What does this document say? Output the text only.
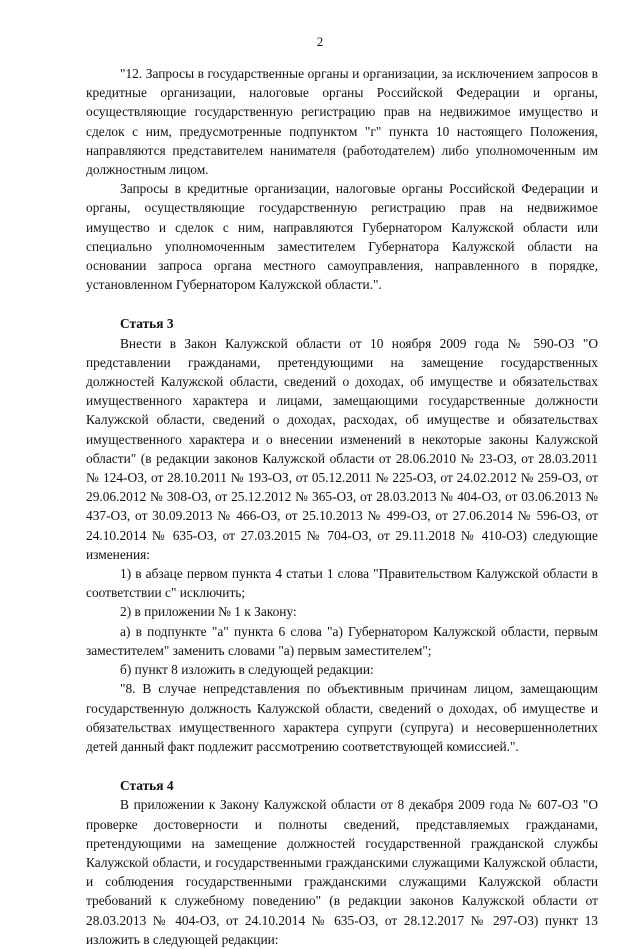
2

"12. Запросы в государственные органы и организации, за исключением запросов в кредитные организации, налоговые органы Российской Федерации и органы, осуществляющие государственную регистрацию прав на недвижимое имущество и сделок с ним, предусмотренные подпунктом "г" пункта 10 настоящего Положения, направляются представителем нанимателя (работодателем) либо уполномоченным им должностным лицом.

Запросы в кредитные организации, налоговые органы Российской Федерации и органы, осуществляющие государственную регистрацию прав на недвижимое имущество и сделок с ним, направляются Губернатором Калужской области или специально уполномоченным заместителем Губернатора Калужской области на основании запроса органа местного самоуправления, направленного в порядке, установленном Губернатором Калужской области.".

Статья 3

Внести в Закон Калужской области от 10 ноября 2009 года № 590-ОЗ "О представлении гражданами, претендующими на замещение государственных должностей Калужской области, сведений о доходах, об имуществе и обязательствах имущественного характера и лицами, замещающими государственные должности Калужской области, сведений о доходах, расходах, об имуществе и обязательствах имущественного характера и о внесении изменений в некоторые законы Калужской области" (в редакции законов Калужской области от 28.06.2010 № 23-ОЗ, от 28.03.2011 № 124-ОЗ, от 28.10.2011 № 193-ОЗ, от 05.12.2011 № 225-ОЗ, от 24.02.2012 № 259-ОЗ, от 29.06.2012 № 308-ОЗ, от 25.12.2012 № 365-ОЗ, от 28.03.2013 № 404-ОЗ, от 03.06.2013 № 437-ОЗ, от 30.09.2013 № 466-ОЗ, от 25.10.2013 № 499-ОЗ, от 27.06.2014 № 596-ОЗ, от 24.10.2014 № 635-ОЗ, от 27.03.2015 № 704-ОЗ, от 29.11.2018 № 410-ОЗ) следующие изменения:

1) в абзаце первом пункта 4 статьи 1 слова "Правительством Калужской области в соответствии с" исключить;

2) в приложении № 1 к Закону:

а) в подпункте "а" пункта 6 слова "а) Губернатором Калужской области, первым заместителем" заменить словами "а) первым заместителем";

б) пункт 8 изложить в следующей редакции:

"8. В случае непредставления по объективным причинам лицом, замещающим государственную должность Калужской области, сведений о доходах, об имуществе и обязательствах имущественного характера супруги (супруга) и несовершеннолетних детей данный факт подлежит рассмотрению соответствующей комиссией.".

Статья 4

В приложении к Закону Калужской области от 8 декабря 2009 года № 607-ОЗ "О проверке достоверности и полноты сведений, представляемых гражданами, претендующими на замещение должностей государственной гражданской службы Калужской области, и государственными гражданскими служащими Калужской области, и соблюдения государственными гражданскими служащими Калужской области требований к служебному поведению" (в редакции законов Калужской области от 28.03.2013 № 404-ОЗ, от 24.10.2014 № 635-ОЗ, от 28.12.2017 № 297-ОЗ) пункт 13 изложить в следующей редакции:
